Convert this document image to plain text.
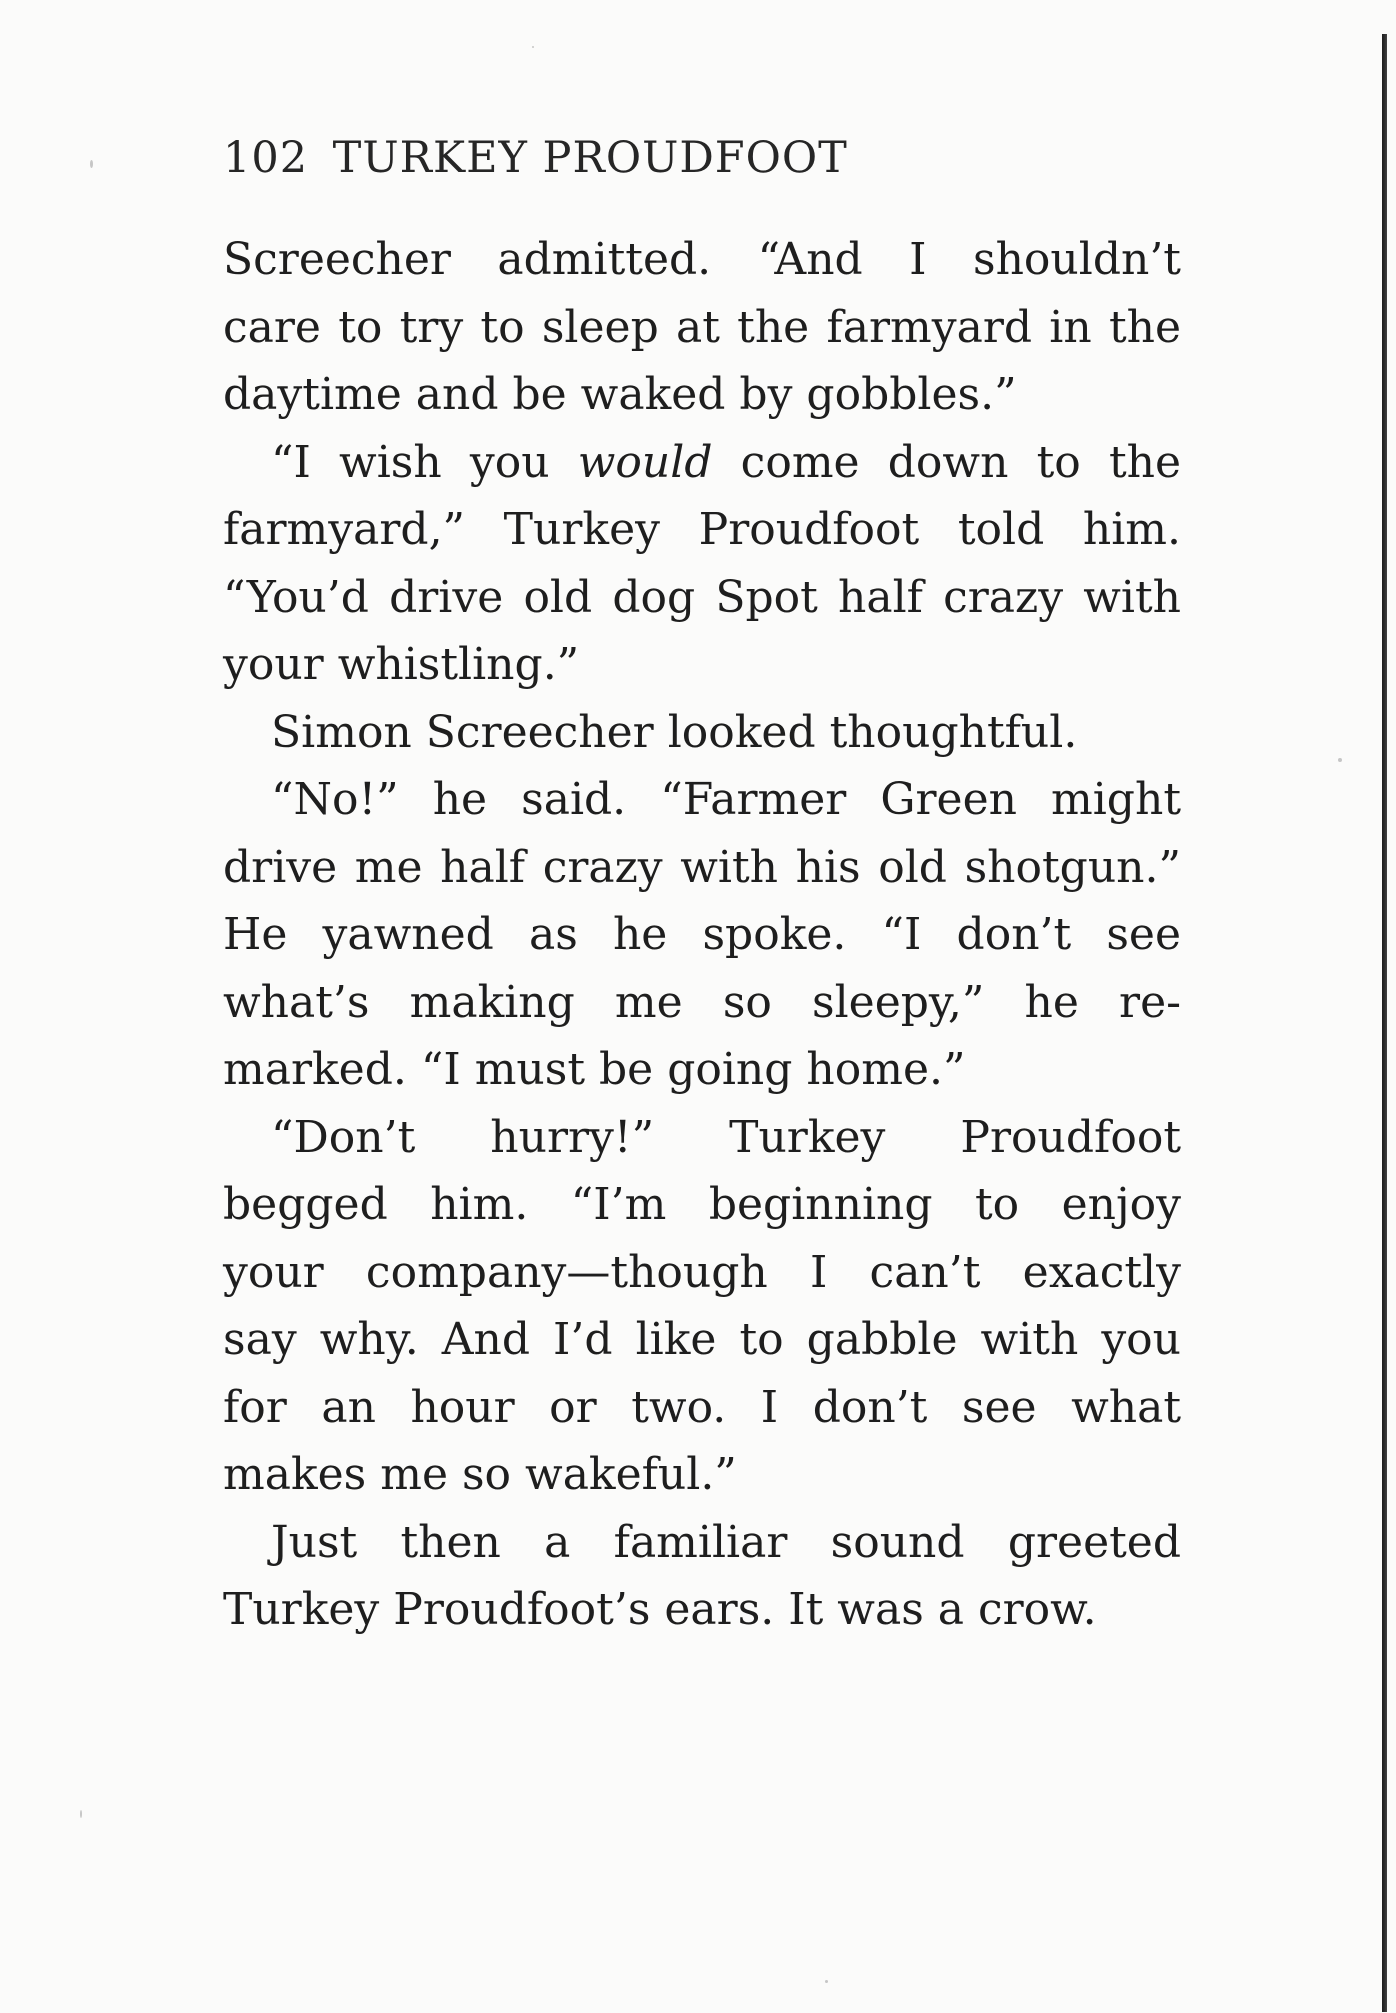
102 TURKEY PROUDFOOT
Screecher admitted. “And I shouldn’t
care to try to sleep at the farmyard in the
daytime and be waked by gobbles.”
“I wish you would come down to the
farmyard,” Turkey Proudfoot told him.
“You’d drive old dog Spot half crazy with
your whistling.”
Simon Screecher looked thoughtful.
“No!” he said. “Farmer Green might
drive me half crazy with his old shotgun.”
He yawned as he spoke. “I don’t see
what’s making me so sleepy,” he re-
marked. “I must be going home.”
“Don’t hurry!” Turkey Proudfoot
begged him. “I’m beginning to enjoy
your company—though I can’t exactly
say why. And I’d like to gabble with you
for an hour or two. I don’t see what
makes me so wakeful.”
Just then a familiar sound greeted
Turkey Proudfoot’s ears. It was a crow.
